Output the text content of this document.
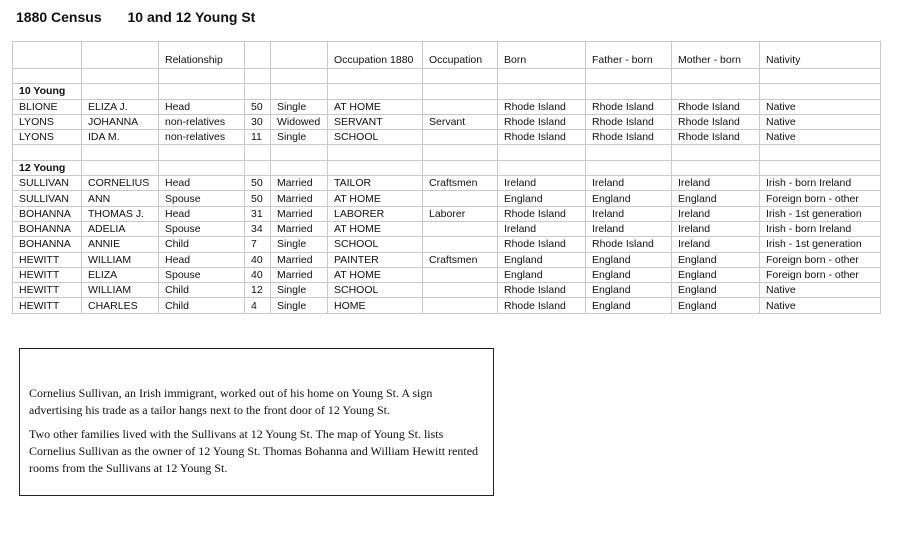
1880 Census 10 and 12 Young St
		Relationship			Occupation 1880	Occupation	Born	Father - born	Mother - born	Nativity

10 Young										
BLIONE	ELIZA J.	Head	50	Single	AT HOME		Rhode Island	Rhode Island	Rhode Island	Native
LYONS	JOHANNA	non-relatives	30	Widowed	SERVANT	Servant	Rhode Island	Rhode Island	Rhode Island	Native
LYONS	IDA M.	non-relatives	11	Single	SCHOOL		Rhode Island	Rhode Island	Rhode Island	Native

12 Young										
SULLIVAN	CORNELIUS	Head	50	Married	TAILOR	Craftsmen	Ireland	Ireland	Ireland	Irish - born Ireland
SULLIVAN	ANN	Spouse	50	Married	AT HOME		England	England	England	Foreign born - other
BOHANNA	THOMAS J.	Head	31	Married	LABORER	Laborer	Rhode Island	Ireland	Ireland	Irish - 1st generation
BOHANNA	ADELIA	Spouse	34	Married	AT HOME		Ireland	Ireland	Ireland	Irish - born Ireland
BOHANNA	ANNIE	Child	7	Single	SCHOOL		Rhode Island	Rhode Island	Ireland	Irish - 1st generation
HEWITT	WILLIAM	Head	40	Married	PAINTER	Craftsmen	England	England	England	Foreign born - other
HEWITT	ELIZA	Spouse	40	Married	AT HOME		England	England	England	Foreign born - other
HEWITT	WILLIAM	Child	12	Single	SCHOOL		Rhode Island	England	England	Native
HEWITT	CHARLES	Child	4	Single	HOME		Rhode Island	England	England	Native

Cornelius Sullivan, an Irish immigrant, worked out of his home on Young St. A sign advertising his trade as a tailor hangs next to the front door of 12 Young St.

Two other families lived with the Sullivans at 12 Young St. The map of Young St. lists Cornelius Sullivan as the owner of 12 Young St. Thomas Bohanna and William Hewitt rented rooms from the Sullivans at 12 Young St.
